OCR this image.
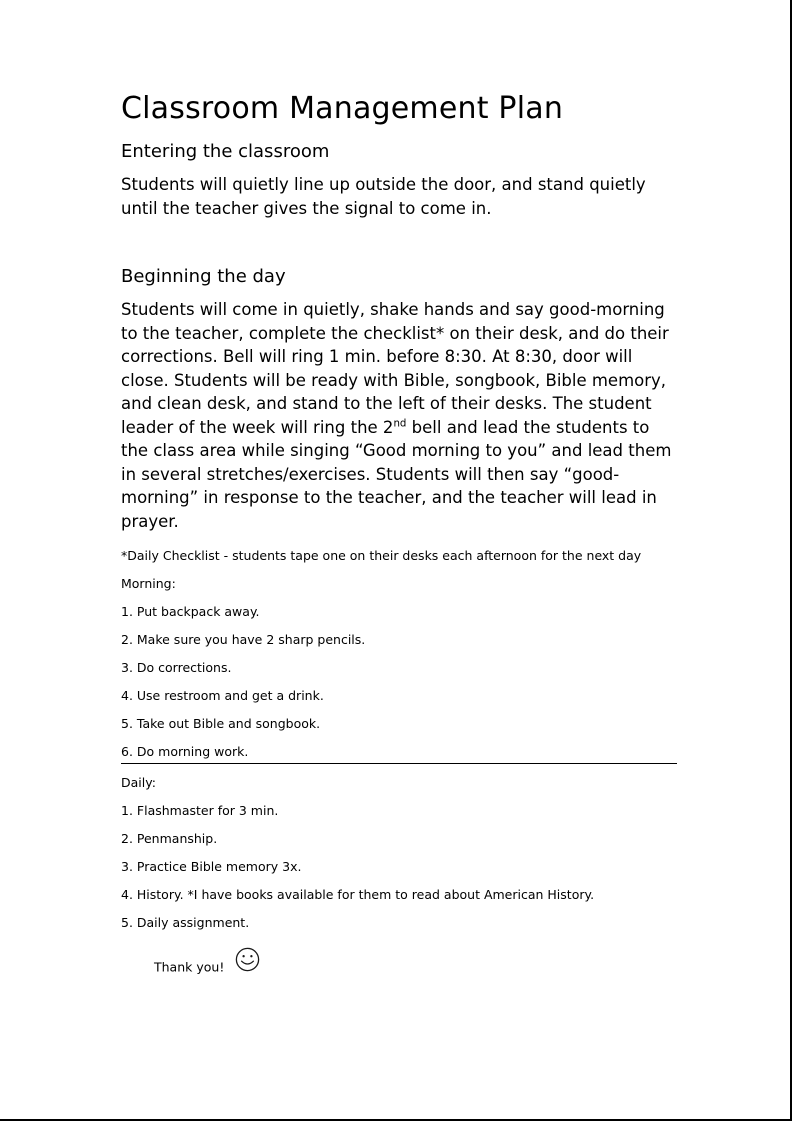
Classroom Management Plan
Entering the classroom

Students will quietly line up outside the door, and stand quietly until the teacher gives the signal to come in.

Beginning the day

Students will come in quietly, shake hands and say good-morning to the teacher, complete the checklist* on their desk, and do their corrections. Bell will ring 1 min. before 8:30. At 8:30, door will close. Students will be ready with Bible, songbook, Bible memory, and clean desk, and stand to the left of their desks. The student leader of the week will ring the 2nd bell and lead the students to the class area while singing “Good morning to you” and lead them in several stretches/exercises. Students will then say “good-morning” in response to the teacher, and the teacher will lead in prayer.

*Daily Checklist - students tape one on their desks each afternoon for the next day

Morning:

1. Put backpack away.

2. Make sure you have 2 sharp pencils.

3. Do corrections.

4. Use restroom and get a drink.

5. Take out Bible and songbook.

6. Do morning work.

Daily:

1. Flashmaster for 3 min.

2. Penmanship.

3. Practice Bible memory 3x.

4. History. *I have books available for them to read about American History.

5. Daily assignment.

Thank you!
